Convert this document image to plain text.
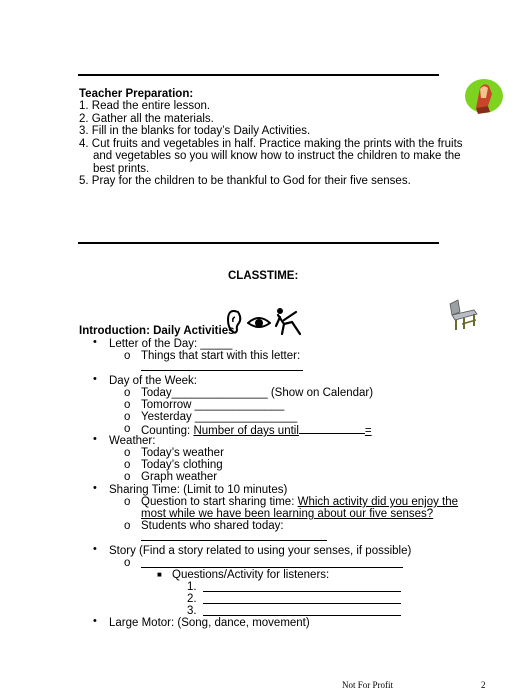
Teacher Preparation:
1. Read the entire lesson.
2. Gather all the materials.
3. Fill in the blanks for today’s Daily Activities.
4. Cut fruits and vegetables in half. Practice making the prints with the fruits
and vegetables so you will know how to instruct the children to make the
best prints.
5. Pray for the children to be thankful to God for their five senses.
CLASSTIME:
Introduction: Daily Activities
• Letter of the Day: _____
o Things that start with this letter:
• Day of the Week:
o Today_______________ (Show on Calendar)
o Tomorrow ______________
o Yesterday ________________
o Counting: Number of days until	=
• Weather:
o Today’s weather
o Today’s clothing
o Graph weather
• Sharing Time: (Limit to 10 minutes)
o Question to start sharing time: Which activity did you enjoy the
most while we have been learning about our five senses?
o Students who shared today:
• Story (Find a story related to using your senses, if possible)
o
■ Questions/Activity for listeners:
1.
2.
3.
• Large Motor: (Song, dance, movement)
Not For Profit	2
